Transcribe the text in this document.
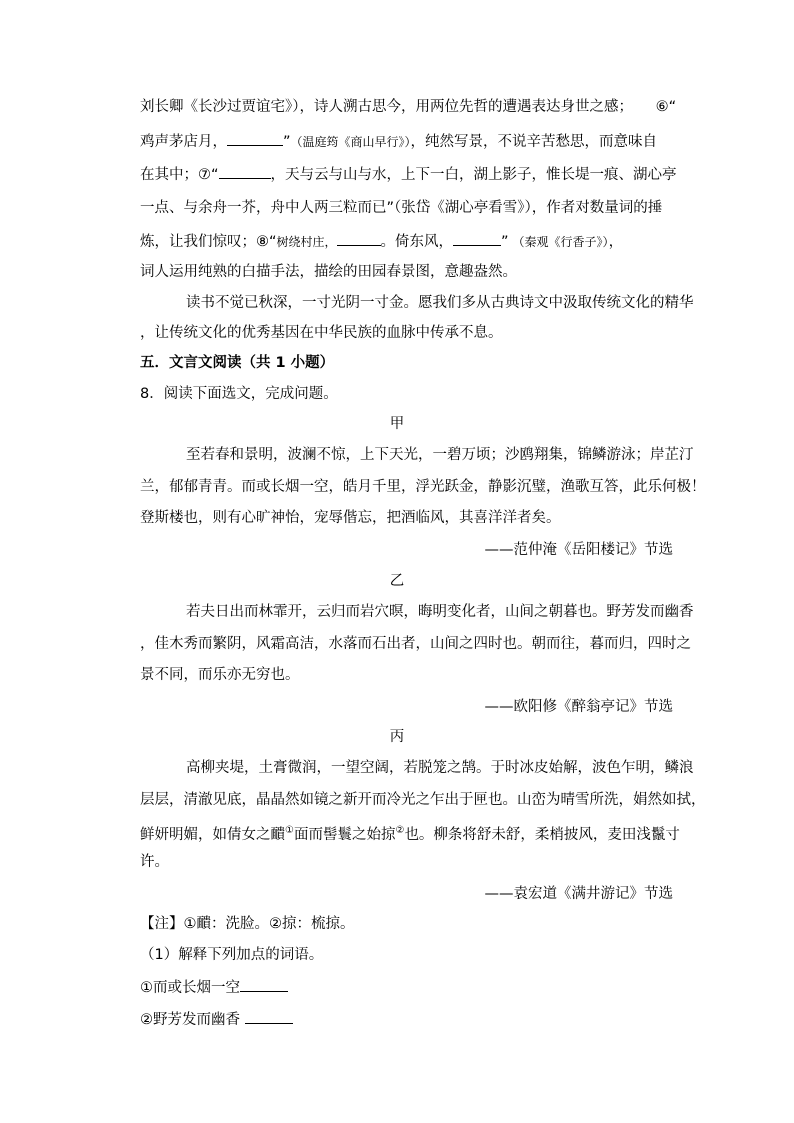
刘长卿《长沙过贾谊宅》），诗人溯古思今，用两位先哲的遭遇表达身世之感； ⑥“
鸡声茅店月，	”（温庭筠《商山早行》），纯然写景，不说辛苦愁思，而意味自
在其中；⑦“	，天与云与山与水，上下一白，湖上影子，惟长堤一痕、湖心亭
一点、与余舟一芥，舟中人两三粒而已”（张岱《湖心亭看雪》），作者对数量词的捶
炼，让我们惊叹；⑧“树绕村庄，	。倚东风，	” （秦观《行香子》），
词人运用纯熟的白描手法，描绘的田园春景图，意趣盎然。
读书不觉已秋深，一寸光阴一寸金。愿我们多从古典诗文中汲取传统文化的精华
，让传统文化的优秀基因在中华民族的血脉中传承不息。
五．文言文阅读（共 1 小题）
8．阅读下面选文，完成问题。
甲
至若春和景明，波澜不惊，上下天光，一碧万顷；沙鸥翔集，锦鳞游泳；岸芷汀
兰，郁郁青青。而或长烟一空，皓月千里，浮光跃金，静影沉璧，渔歌互答，此乐何极！
登斯楼也，则有心旷神怡，宠辱偕忘，把酒临风，其喜洋洋者矣。
——范仲淹《岳阳楼记》节选
乙
若夫日出而林霏开，云归而岩穴暝，晦明变化者，山间之朝暮也。野芳发而幽香
，佳木秀而繁阴，风霜高洁，水落而石出者，山间之四时也。朝而往，暮而归，四时之
景不同，而乐亦无穷也。
——欧阳修《醉翁亭记》节选
丙
高柳夹堤，土膏微润，一望空阔，若脱笼之鹄。于时冰皮始解，波色乍明，鳞浪
层层，清澈见底，晶晶然如镜之新开而冷光之乍出于匣也。山峦为晴雪所洗，娟然如拭，
鲜妍明媚，如倩女之靧①面而髻鬟之始掠②也。柳条将舒未舒，柔梢披风，麦田浅鬣寸
许。
——袁宏道《满井游记》节选
【注】①靧：洗脸。②掠：梳掠。
（1）解释下列加点的词语。
①而或长烟一空
②野芳发而幽香
